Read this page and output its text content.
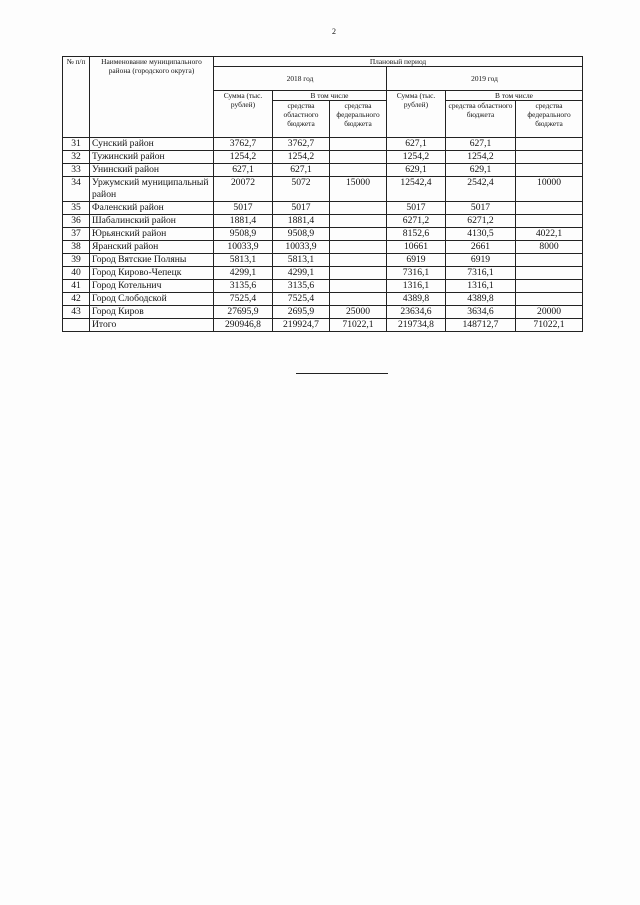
2
№ п/п	Наименование муниципального района (городского округа)	Плановый период					
		2018 год			2019 год		
		Сумма (тыс. рублей)	В том числе		Сумма (тыс. рублей)	В том числе	
			средства областного бюджета	средства федерального бюджета		средства областного бюджета	средства федерального бюджета
31	Сунский район	3762,7	3762,7		627,1	627,1	
32	Тужинский район	1254,2	1254,2		1254,2	1254,2	
33	Унинский район	627,1	627,1		629,1	629,1	
34	Уржумский муниципальный район	20072	5072	15000	12542,4	2542,4	10000
35	Фаленский район	5017	5017		5017	5017	
36	Шабалинский район	1881,4	1881,4		6271,2	6271,2	
37	Юрьянский район	9508,9	9508,9		8152,6	4130,5	4022,1
38	Яранский район	10033,9	10033,9		10661	2661	8000
39	Город Вятские Поляны	5813,1	5813,1		6919	6919	
40	Город Кирово-Чепецк	4299,1	4299,1		7316,1	7316,1	
41	Город Котельнич	3135,6	3135,6		1316,1	1316,1	
42	Город Слободской	7525,4	7525,4		4389,8	4389,8	
43	Город Киров	27695,9	2695,9	25000	23634,6	3634,6	20000
	Итого	290946,8	219924,7	71022,1	219734,8	148712,7	71022,1
